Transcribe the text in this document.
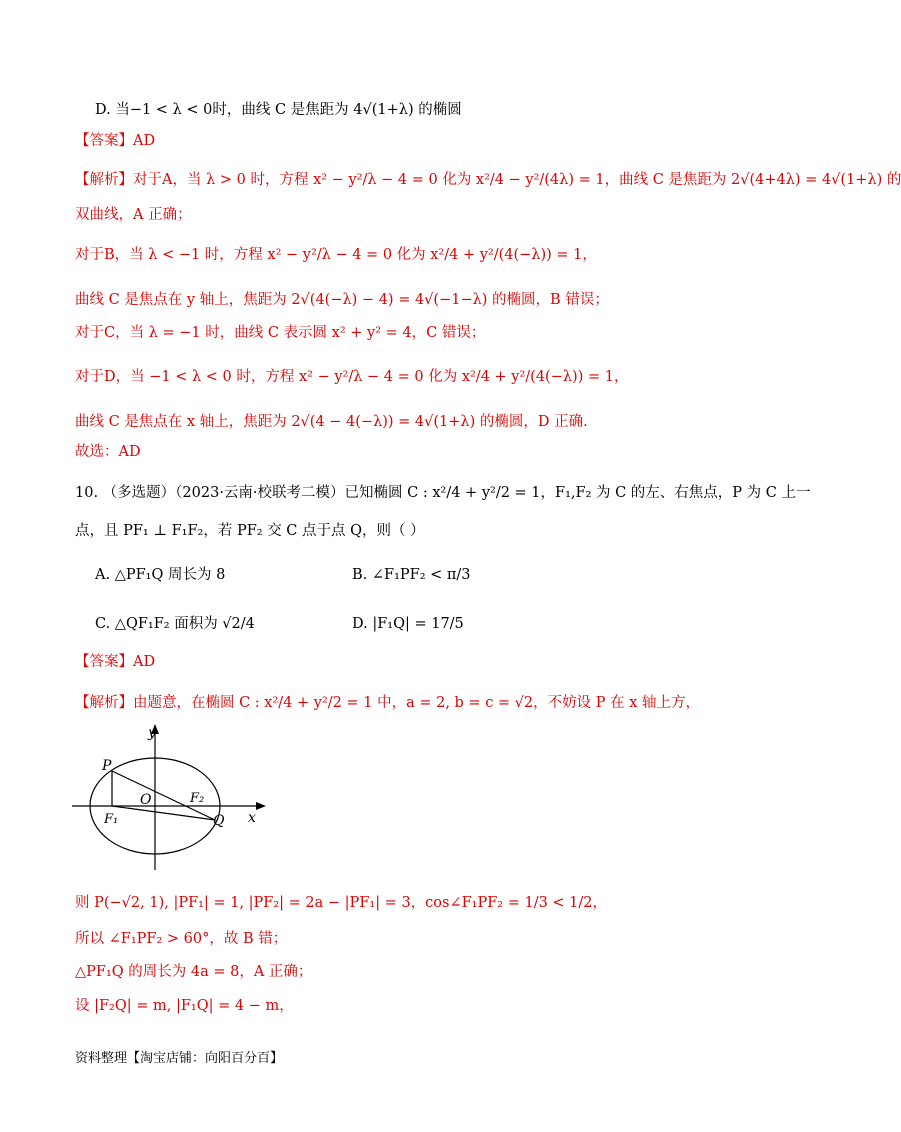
D. 当−1 < λ < 0时，曲线 C 是焦距为 4√(1+λ) 的椭圆
【答案】AD
【解析】对于A，当 λ > 0 时，方程 x² − y²/λ − 4 = 0 化为 x²/4 − y²/(4λ) = 1，曲线 C 是焦距为 2√(4+4λ) = 4√(1+λ) 的
双曲线，A 正确；
对于B，当 λ < −1 时，方程 x² − y²/λ − 4 = 0 化为 x²/4 + y²/(4(−λ)) = 1，
曲线 C 是焦点在 y 轴上，焦距为 2√(4(−λ) − 4) = 4√(−1−λ) 的椭圆，B 错误；
对于C，当 λ = −1 时，曲线 C 表示圆 x² + y² = 4，C 错误；
对于D，当 −1 < λ < 0 时，方程 x² − y²/λ − 4 = 0 化为 x²/4 + y²/(4(−λ)) = 1，
曲线 C 是焦点在 x 轴上，焦距为 2√(4 − 4(−λ)) = 4√(1+λ) 的椭圆，D 正确.
故选：AD
10. （多选题）（2023·云南·校联考二模）已知椭圆 C : x²/4 + y²/2 = 1，F₁,F₂ 为 C 的左、右焦点，P 为 C 上一
点，且 PF₁ ⊥ F₁F₂，若 PF₂ 交 C 点于点 Q，则（ ）
A. △PF₁Q 周长为 8	B. ∠F₁PF₂ < π/3
C. △QF₁F₂ 面积为 √2/4	D. |F₁Q| = 17/5
【答案】AD
【解析】由题意，在椭圆 C : x²/4 + y²/2 = 1 中，a = 2, b = c = √2，不妨设 P 在 x 轴上方，
y
x
P
O
F₁
F₂
Q
则 P(−√2, 1), |PF₁| = 1, |PF₂| = 2a − |PF₁| = 3，cos∠F₁PF₂ = 1/3 < 1/2，
所以 ∠F₁PF₂ > 60°，故 B 错；
△PF₁Q 的周长为 4a = 8，A 正确；
设 |F₂Q| = m, |F₁Q| = 4 − m，
资料整理【淘宝店铺：向阳百分百】
